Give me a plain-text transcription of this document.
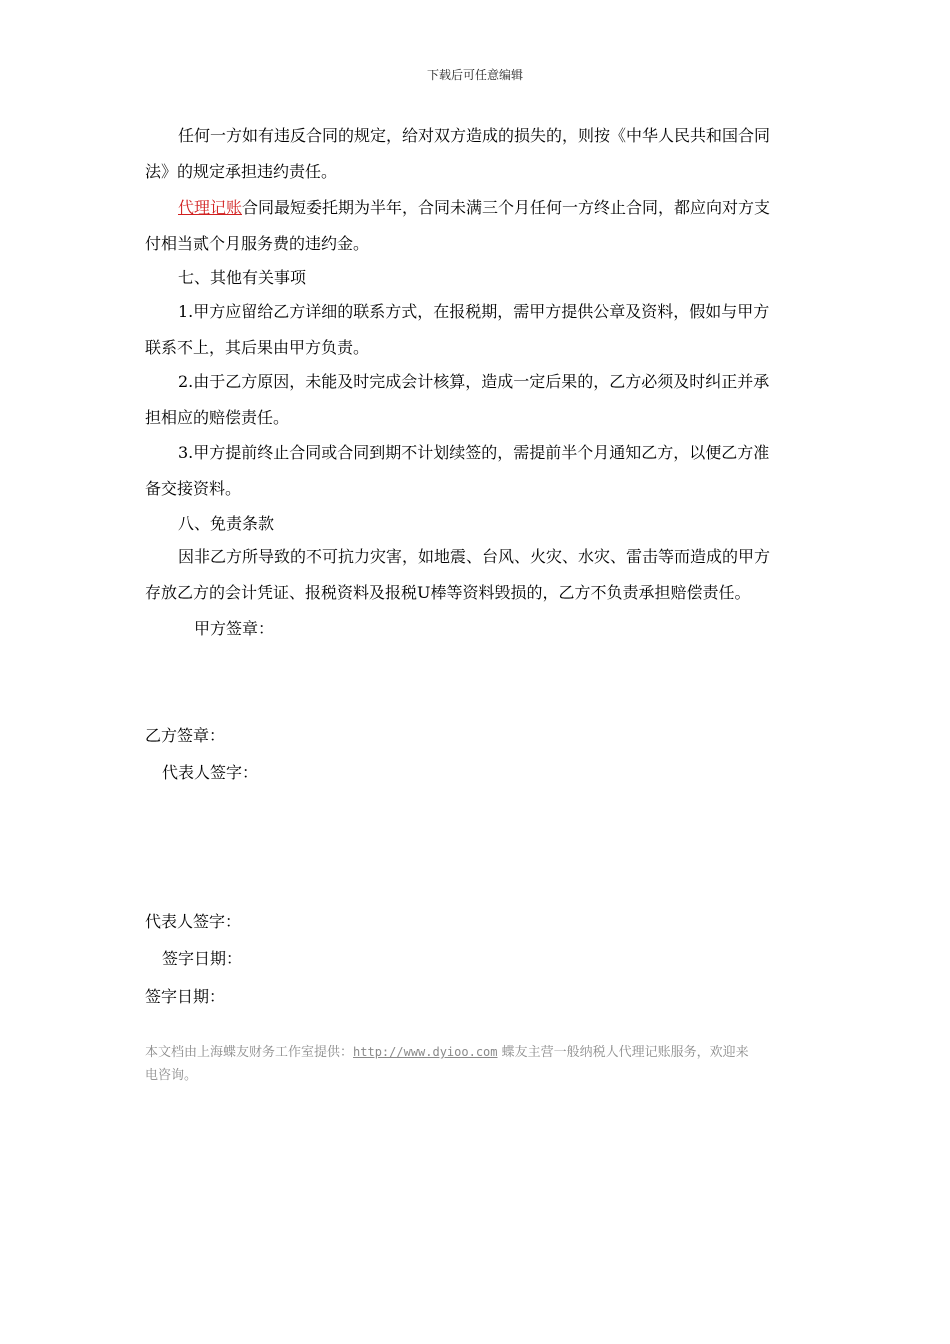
下载后可任意编辑
任何一方如有违反合同的规定，给对双方造成的损失的，则按《中华人民共和国合同
法》的规定承担违约责任。
代理记账合同最短委托期为半年，合同未满三个月任何一方终止合同，都应向对方支
付相当贰个月服务费的违约金。
七、其他有关事项
1.甲方应留给乙方详细的联系方式，在报税期，需甲方提供公章及资料，假如与甲方
联系不上，其后果由甲方负责。
2.由于乙方原因，未能及时完成会计核算，造成一定后果的，乙方必须及时纠正并承
担相应的赔偿责任。
3.甲方提前终止合同或合同到期不计划续签的，需提前半个月通知乙方，以便乙方准
备交接资料。
八、免责条款
因非乙方所导致的不可抗力灾害，如地震、台风、火灾、水灾、雷击等而造成的甲方
存放乙方的会计凭证、报税资料及报税U棒等资料毁损的，乙方不负责承担赔偿责任。
甲方签章：
乙方签章：
代表人签字：
代表人签字：
签字日期：
签字日期：
本文档由上海蝶友财务工作室提供：http://www.dyioo.com 蝶友主营一般纳税人代理记账服务，欢迎来
电咨询。
